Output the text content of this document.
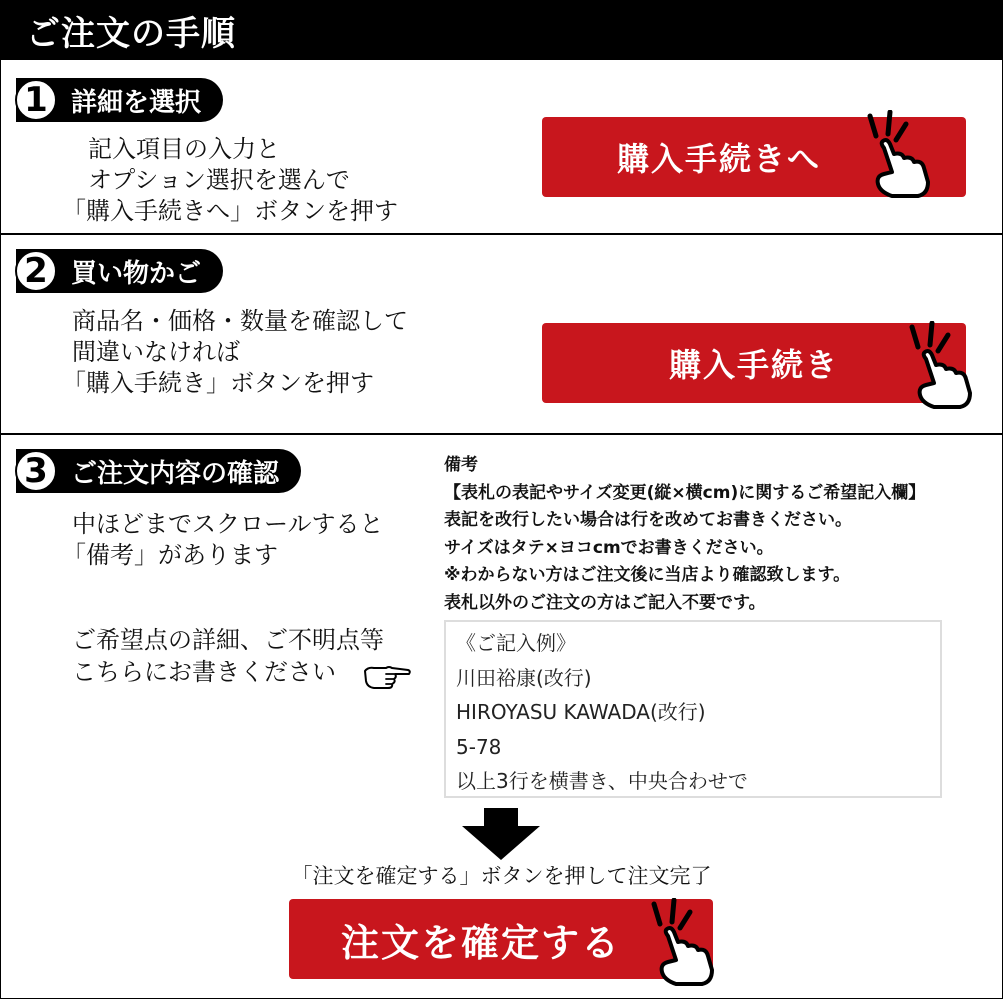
ご注文の手順
1 詳細を選択
記入項目の入力と
オプション選択を選んで
「購入手続きへ」ボタンを押す
購入手続きへ
2 買い物かご
商品名・価格・数量を確認して
間違いなければ
「購入手続き」ボタンを押す	購入手続き
3 ご注文内容の確認
中ほどまでスクロールすると
「備考」があります
ご希望点の詳細、ご不明点等
こちらにお書きください
備考
【表札の表記やサイズ変更(縦×横cm)に関するご希望記入欄】
表記を改行したい場合は行を改めてお書きください。
サイズはタテ×ヨコcmでお書きください。
※わからない方はご注文後に当店より確認致します。
表札以外のご注文の方はご記入不要です。
《ご記入例》
川田裕康(改行)
HIROYASU KAWADA(改行)
5-78
以上3行を横書き、中央合わせで
「注文を確定する」ボタンを押して注文完了
注文を確定する
